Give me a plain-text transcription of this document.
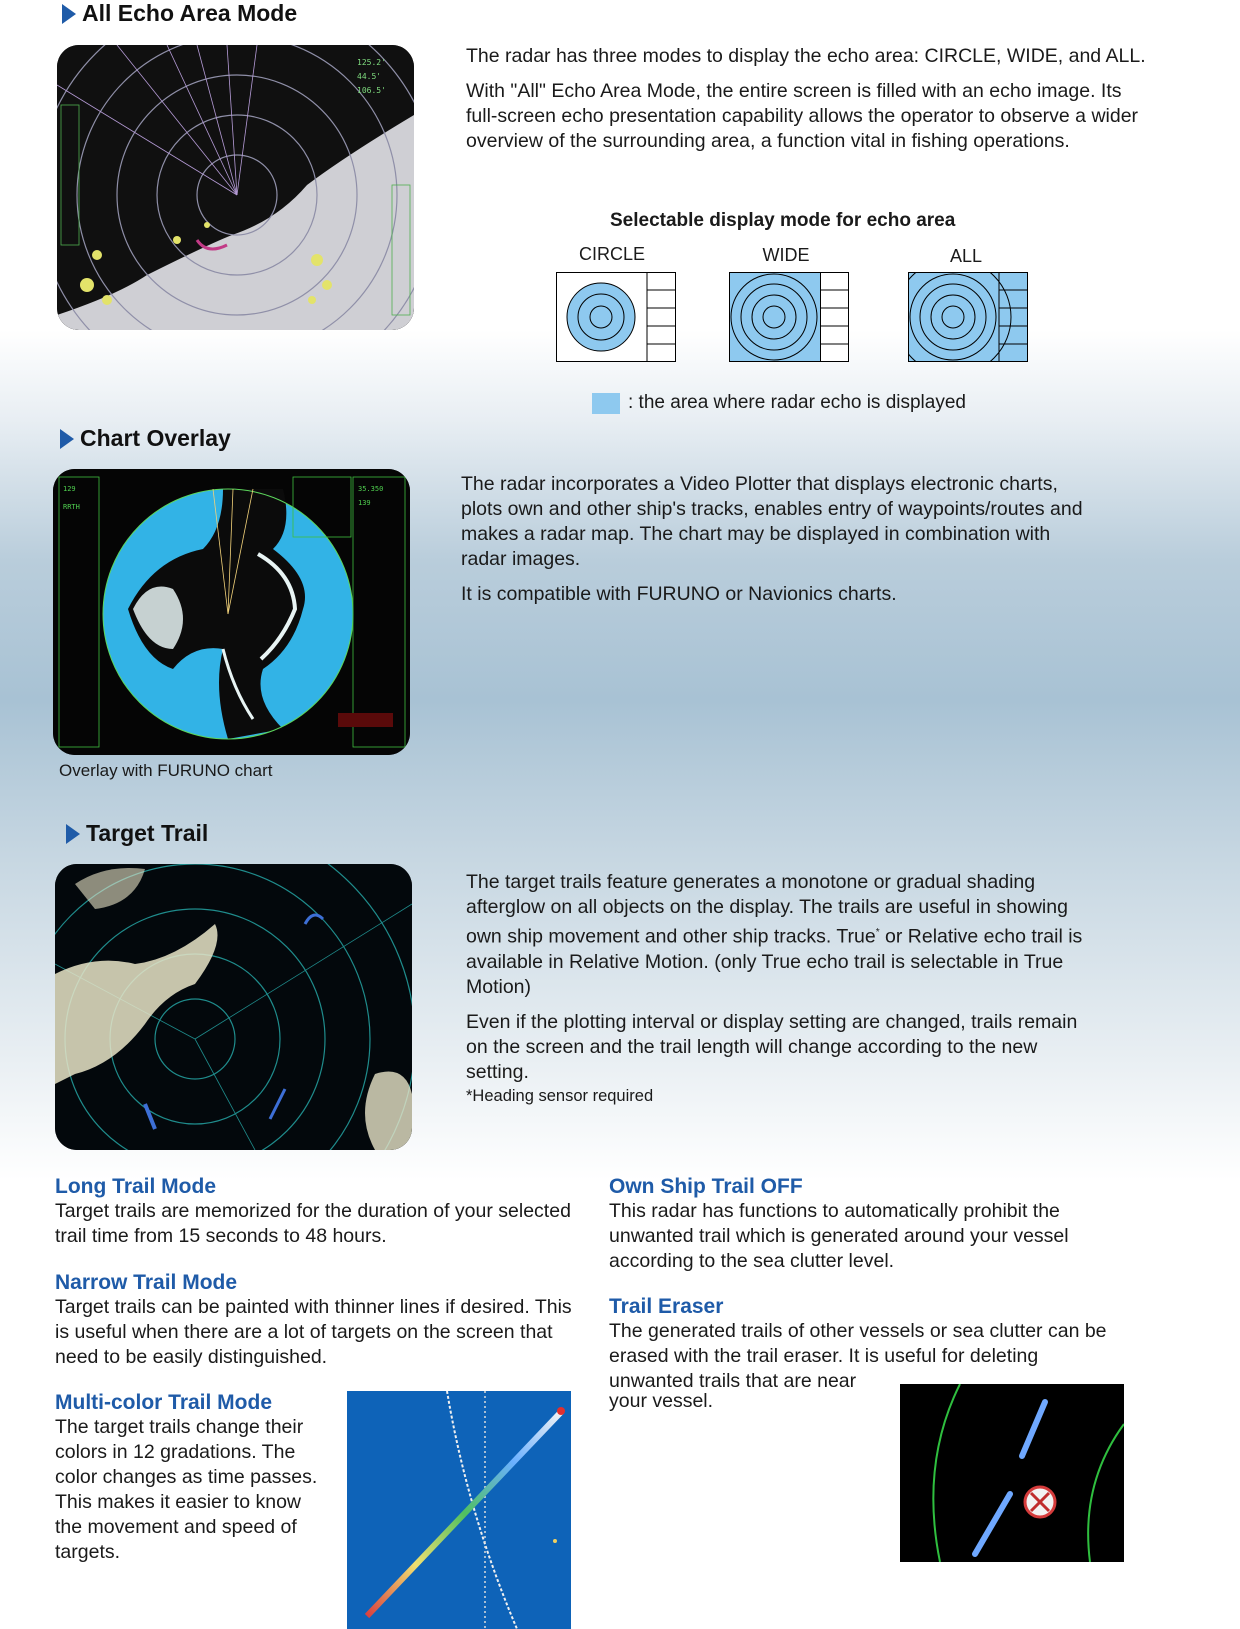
All Echo Area Mode
125.2'
44.5'
106.5'

The radar has three modes to display the echo area: CIRCLE, WIDE, and ALL.

With "All" Echo Area Mode, the entire screen is filled with an echo image. Its full-screen echo presentation capability allows the operator to observe a wider overview of the surrounding area, a function vital in fishing operations.

Selectable display mode for echo area
CIRCLE	WIDE	ALL
: the area where radar echo is displayed
Chart Overlay
129
RRTH
35.350
139
Overlay with FURUNO chart

The radar incorporates a Video Plotter that displays electronic charts, plots own and other ship's tracks, enables entry of waypoints/routes and makes a radar map. The chart may be displayed in combination with radar images.

It is compatible with FURUNO or Navionics charts.

Target Trail

The target trails feature generates a monotone or gradual shading afterglow on all objects on the display. The trails are useful in showing own ship movement and other ship tracks. True* or Relative echo trail is available in Relative Motion. (only True echo trail is selectable in True Motion)

Even if the plotting interval or display setting are changed, trails remain on the screen and the trail length will change according to the new setting.

*Heading sensor required
Long Trail Mode

Target trails are memorized for the duration of your selected trail time from 15 seconds to 48 hours.

Narrow Trail Mode

Target trails can be painted with thinner lines if desired. This is useful when there are a lot of targets on the screen that need to be easily distinguished.

Multi-color Trail Mode

The target trails change their colors in 12 gradations. The color changes as time passes. This makes it easier to know the movement and speed of targets.

Own Ship Trail OFF

This radar has functions to automatically prohibit the unwanted trail which is generated around your vessel according to the sea clutter level.

Trail Eraser

The generated trails of other vessels or sea clutter can be erased with the trail eraser. It is useful for deleting unwanted trails that are near

your vessel.
